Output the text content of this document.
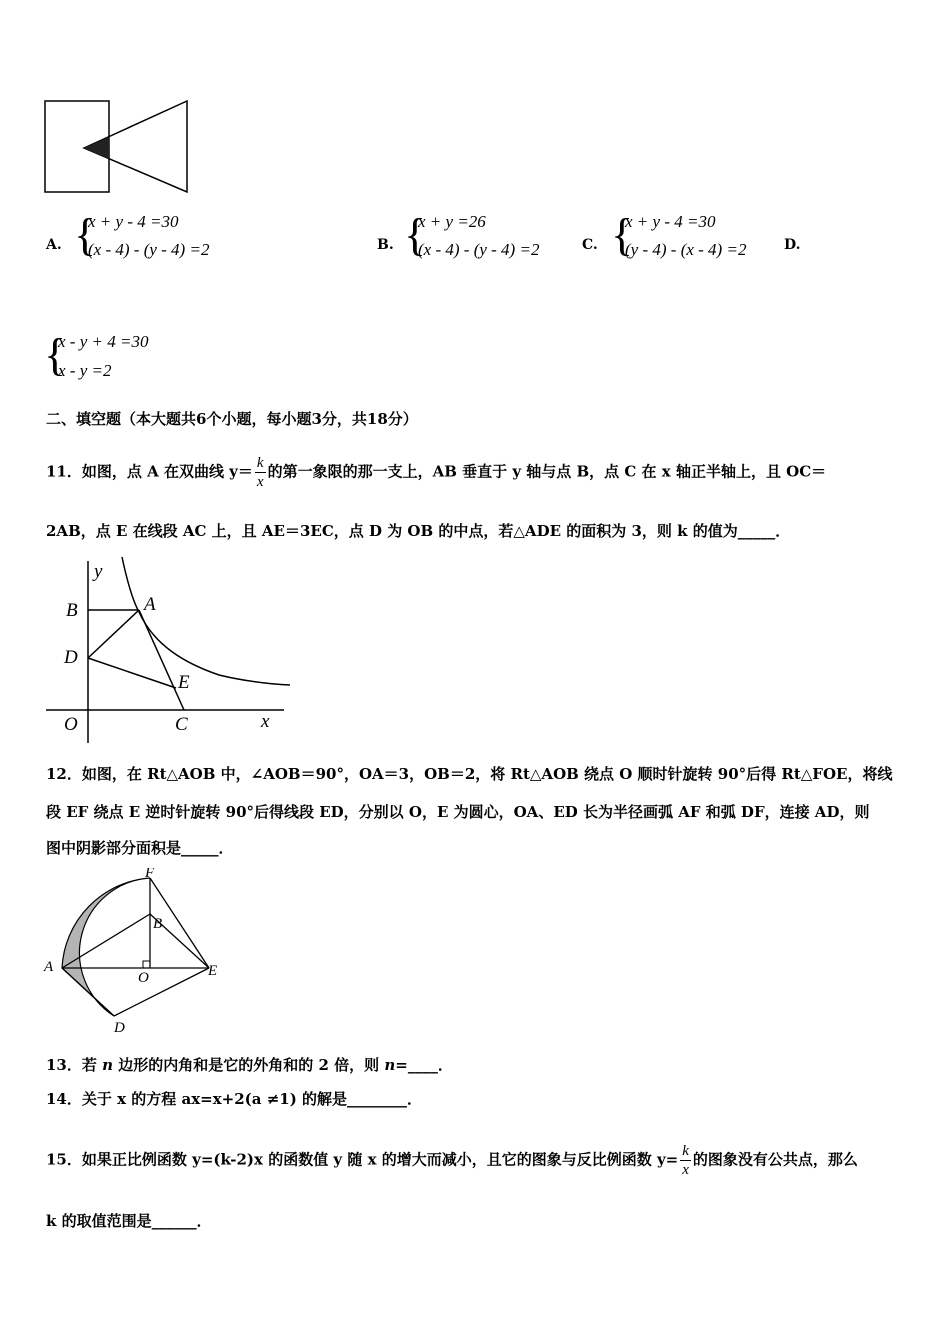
A. {
x + y - 4 =30
(x - 4) - (y - 4) =2	B. {
x + y =26
(x - 4) - (y - 4) =2	C. {
x + y - 4 =30
(y - 4) - (x - 4) =2	D.
{
x - y + 4 =30
x - y =2
二、填空题（本大题共6个小题，每小题3分，共18分）
11．如图，点 A 在双曲线 $y= \frac{k}{x}$ 的第一象限的那一支上，AB 垂直于 y 轴与点 B，点 C 在 x 轴正半轴上，且 OC＝
2AB，点 E 在线段 AC 上，且 AE＝3EC，点 D 为 OB 的中点，若△ADE 的面积为 3，则 k 的值为_____．
y
B	A
D
E
O	C	x
12．如图，在 Rt△AOB 中，∠AOB＝90°，OA＝3，OB＝2，将 Rt△AOB 绕点 O 顺时针旋转 90°后得 Rt△FOE，将线
段 EF 绕点 E 逆时针旋转 90°后得线段 ED，分别以 O，E 为圆心，OA、ED 长为半径画弧 AF 和弧 DF，连接 AD，则
图中阴影部分面积是_____．
F
B
A
O	E
D
13．若 n 边形的内角和是它的外角和的 2 倍，则 n=____．
14．关于 x 的方程 ax=x+2(a ≠1) 的解是________．
15．如果正比例函数 y=(k-2)x 的函数值 y 随 x 的增大而减小，且它的图象与反比例函数 $y= \frac{k}{x}$ 的图象没有公共点，那么
k 的取值范围是______．
